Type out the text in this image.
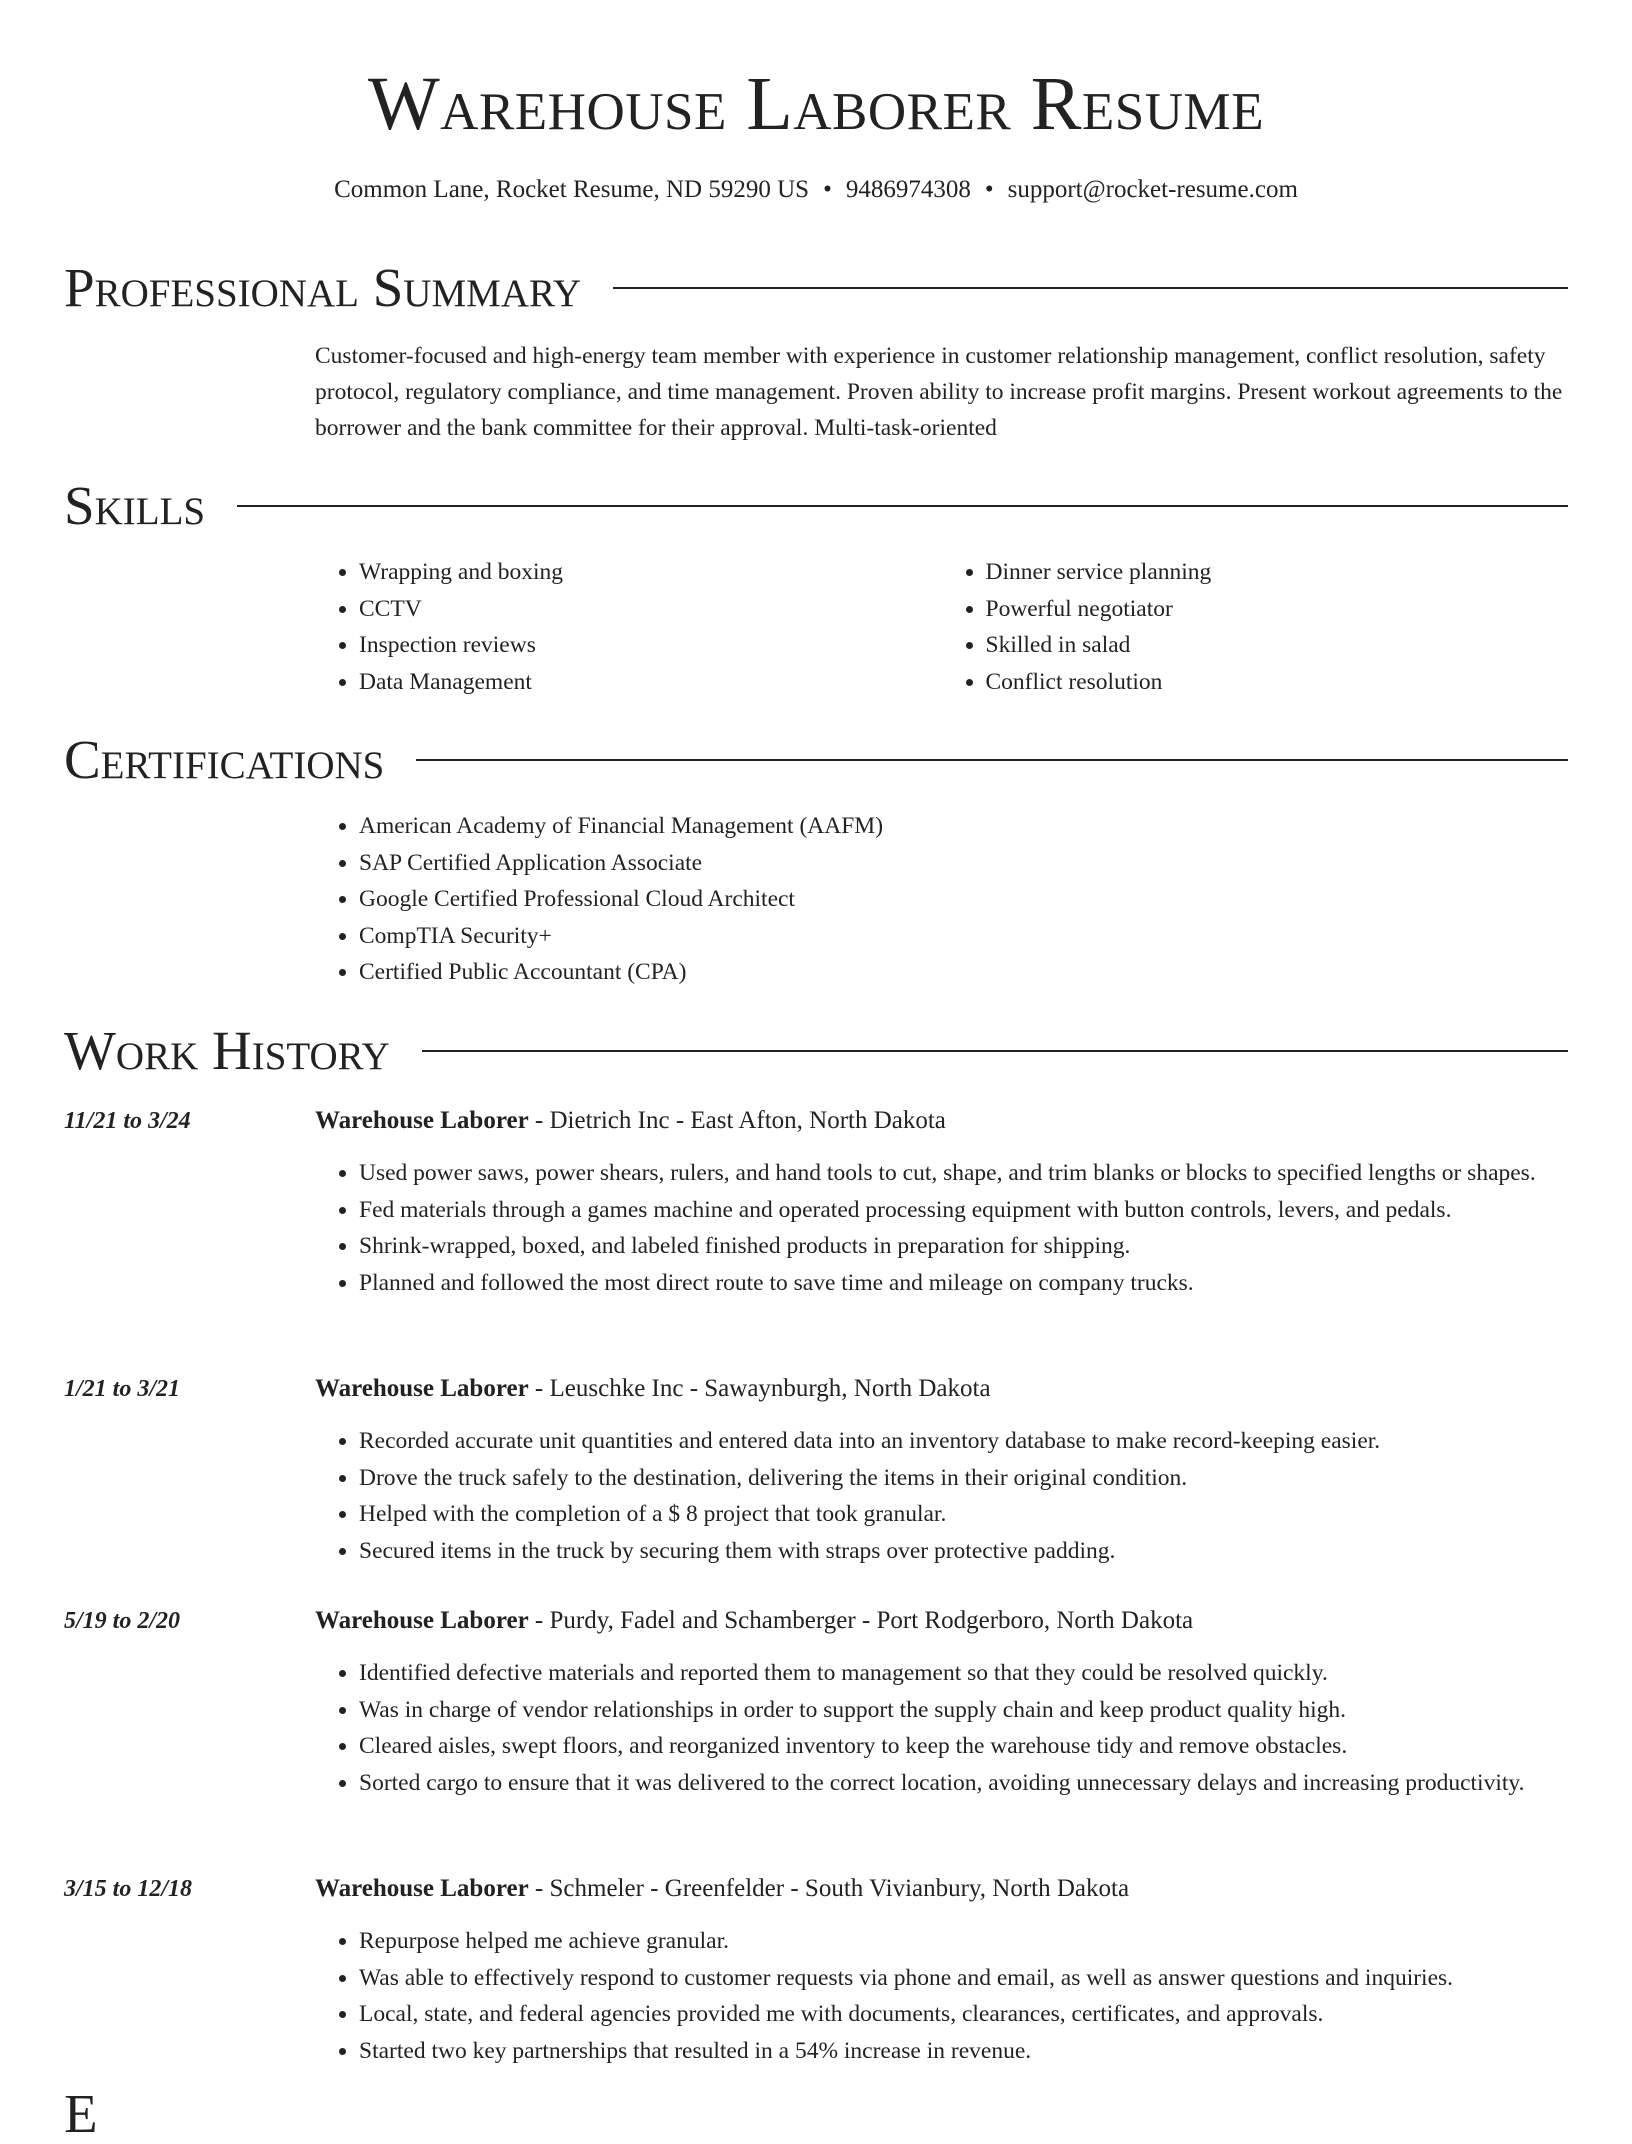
Warehouse Laborer Resume
Common Lane, Rocket Resume, ND 59290 US • 9486974308 • support@rocket-resume.com
Professional Summary

Customer-focused and high-energy team member with experience in customer relationship management, conflict resolution, safety protocol, regulatory compliance, and time management. Proven ability to increase profit margins. Present workout agreements to the borrower and the bank committee for their approval. Multi-task-oriented

Skills
• Wrapping and boxing
• CCTV
• Inspection reviews
• Data Management
• Dinner service planning
• Powerful negotiator
• Skilled in salad
• Conflict resolution
Certifications
• American Academy of Financial Management (AAFM)
• SAP Certified Application Associate
• Google Certified Professional Cloud Architect
• CompTIA Security+
• Certified Public Accountant (CPA)
Work History
11/21 to 3/24	Warehouse Laborer - Dietrich Inc - East Afton, North Dakota
• Used power saws, power shears, rulers, and hand tools to cut, shape, and trim blanks or blocks to specified lengths or shapes.
• Fed materials through a games machine and operated processing equipment with button controls, levers, and pedals.
• Shrink-wrapped, boxed, and labeled finished products in preparation for shipping.
• Planned and followed the most direct route to save time and mileage on company trucks.
1/21 to 3/21	Warehouse Laborer - Leuschke Inc - Sawaynburgh, North Dakota
• Recorded accurate unit quantities and entered data into an inventory database to make record-keeping easier.
• Drove the truck safely to the destination, delivering the items in their original condition.
• Helped with the completion of a $ 8 project that took granular.
• Secured items in the truck by securing them with straps over protective padding.
5/19 to 2/20	Warehouse Laborer - Purdy, Fadel and Schamberger - Port Rodgerboro, North Dakota
• Identified defective materials and reported them to management so that they could be resolved quickly.
• Was in charge of vendor relationships in order to support the supply chain and keep product quality high.
• Cleared aisles, swept floors, and reorganized inventory to keep the warehouse tidy and remove obstacles.
• Sorted cargo to ensure that it was delivered to the correct location, avoiding unnecessary delays and increasing productivity.
3/15 to 12/18	Warehouse Laborer - Schmeler - Greenfelder - South Vivianbury, North Dakota
• Repurpose helped me achieve granular.
• Was able to effectively respond to customer requests via phone and email, as well as answer questions and inquiries.
• Local, state, and federal agencies provided me with documents, clearances, certificates, and approvals.
• Started two key partnerships that resulted in a 54% increase in revenue.
E
